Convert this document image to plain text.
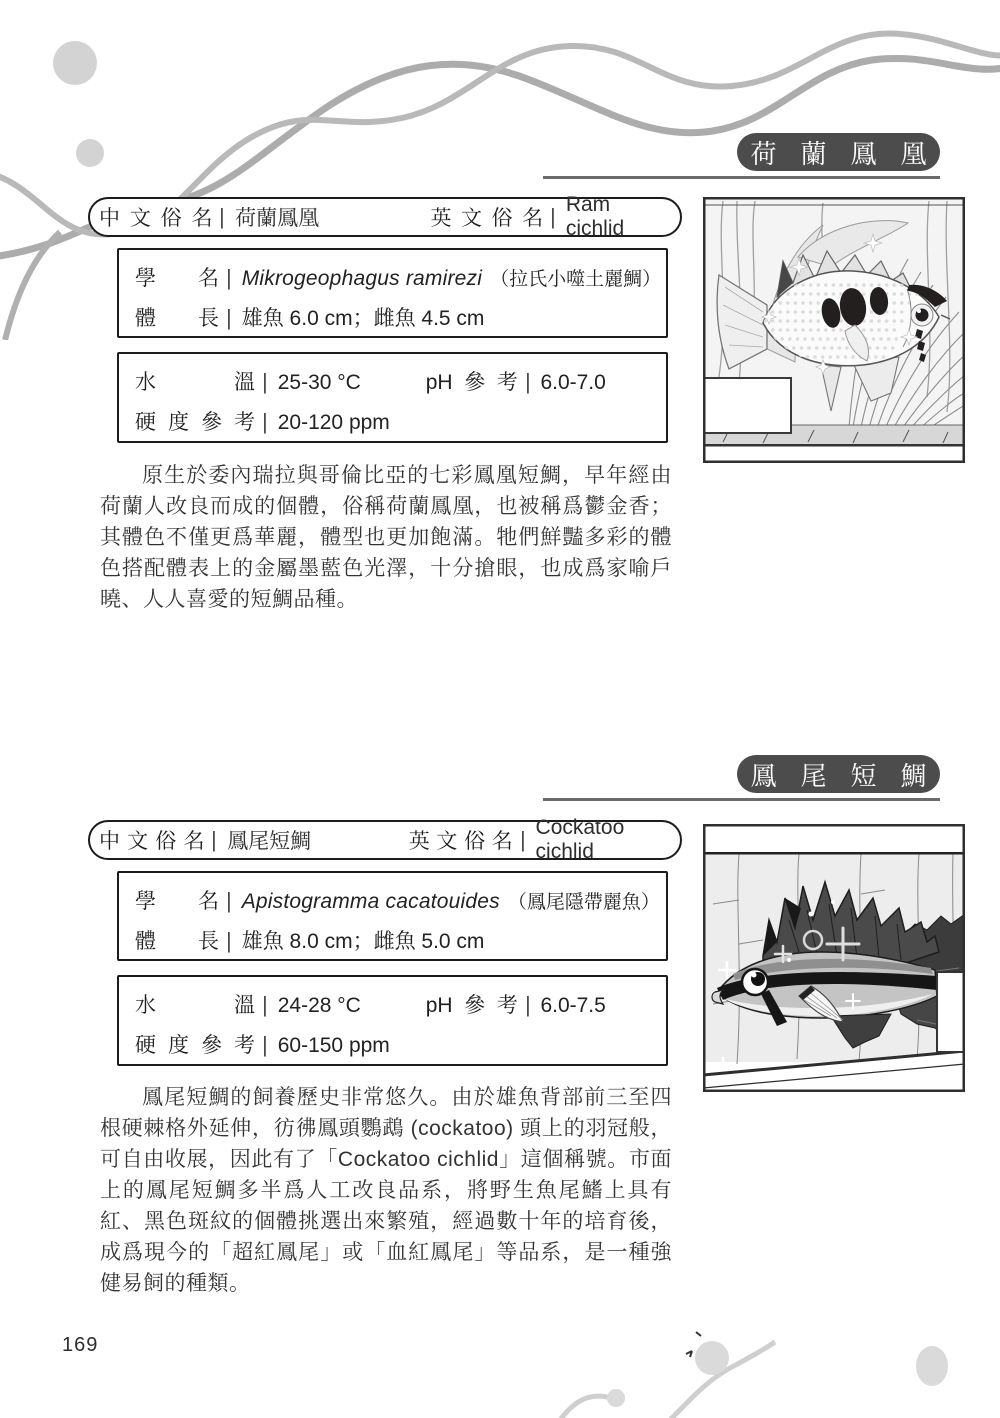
荷蘭鳳凰
中文俗名 | 荷蘭鳳凰	英文俗名 | Ram cichlid
學名 | Mikrogeophagus ramirezi （拉氏小噬土麗鯛）
體長 | 雄魚 6.0 cm；雌魚 4.5 cm
水溫 | 25-30 °C	pH參考 | 6.0-7.0
硬度參考 | 20-120 ppm

原生於委內瑞拉與哥倫比亞的七彩鳳凰短鯛，早年經由荷蘭人改良而成的個體，俗稱荷蘭鳳凰，也被稱爲鬱金香；其體色不僅更爲華麗，體型也更加飽滿。牠們鮮豔多彩的體色搭配體表上的金屬墨藍色光澤，十分搶眼，也成爲家喻戶曉、人人喜愛的短鯛品種。

鳳尾短鯛
中文俗名 | 鳳尾短鯛	英文俗名 | Cockatoo cichlid
學名 | Apistogramma cacatouides （鳳尾隱帶麗魚）
體長 | 雄魚 8.0 cm；雌魚 5.0 cm
水溫 | 24-28 °C	pH參考 | 6.0-7.5
硬度參考 | 60-150 ppm

鳳尾短鯛的飼養歷史非常悠久。由於雄魚背部前三至四根硬棘格外延伸，彷彿鳳頭鸚鵡 (cockatoo) 頭上的羽冠般，可自由收展，因此有了「Cockatoo cichlid」這個稱號。市面上的鳳尾短鯛多半爲人工改良品系，將野生魚尾鰭上具有紅、黑色斑紋的個體挑選出來繁殖，經過數十年的培育後，成爲現今的「超紅鳳尾」或「血紅鳳尾」等品系，是一種強健易飼的種類。

169
